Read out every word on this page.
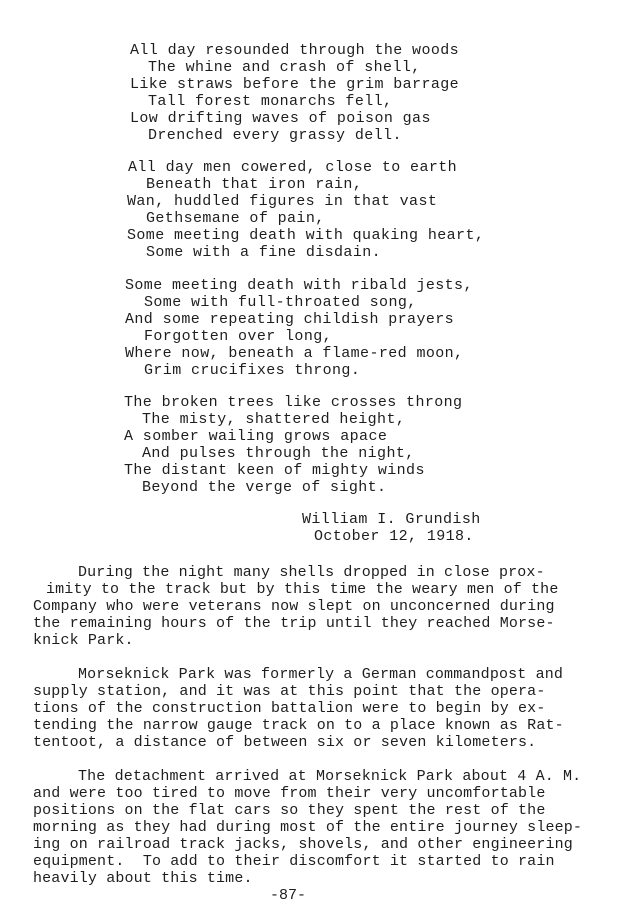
All day resounded through the woods
The whine and crash of shell,
Like straws before the grim barrage
Tall forest monarchs fell,
Low drifting waves of poison gas
Drenched every grassy dell.
All day men cowered, close to earth
Beneath that iron rain,
Wan, huddled figures in that vast
Gethsemane of pain,
Some meeting death with quaking heart,
Some with a fine disdain.
Some meeting death with ribald jests,
Some with full-throated song,
And some repeating childish prayers
Forgotten over long,
Where now, beneath a flame-red moon,
Grim crucifixes throng.
The broken trees like crosses throng
The misty, shattered height,
A somber wailing grows apace
And pulses through the night,
The distant keen of mighty winds
Beyond the verge of sight.
William I. Grundish
October 12, 1918.
During the night many shells dropped in close prox-
imity to the track but by this time the weary men of the
Company who were veterans now slept on unconcerned during
the remaining hours of the trip until they reached Morse-
knick Park.
Morseknick Park was formerly a German commandpost and
supply station, and it was at this point that the opera-
tions of the construction battalion were to begin by ex-
tending the narrow gauge track on to a place known as Rat-
tentoot, a distance of between six or seven kilometers.
The detachment arrived at Morseknick Park about 4 A. M.
and were too tired to move from their very uncomfortable
positions on the flat cars so they spent the rest of the
morning as they had during most of the entire journey sleep-
ing on railroad track jacks, shovels, and other engineering
equipment.  To add to their discomfort it started to rain
heavily about this time.
-87-
